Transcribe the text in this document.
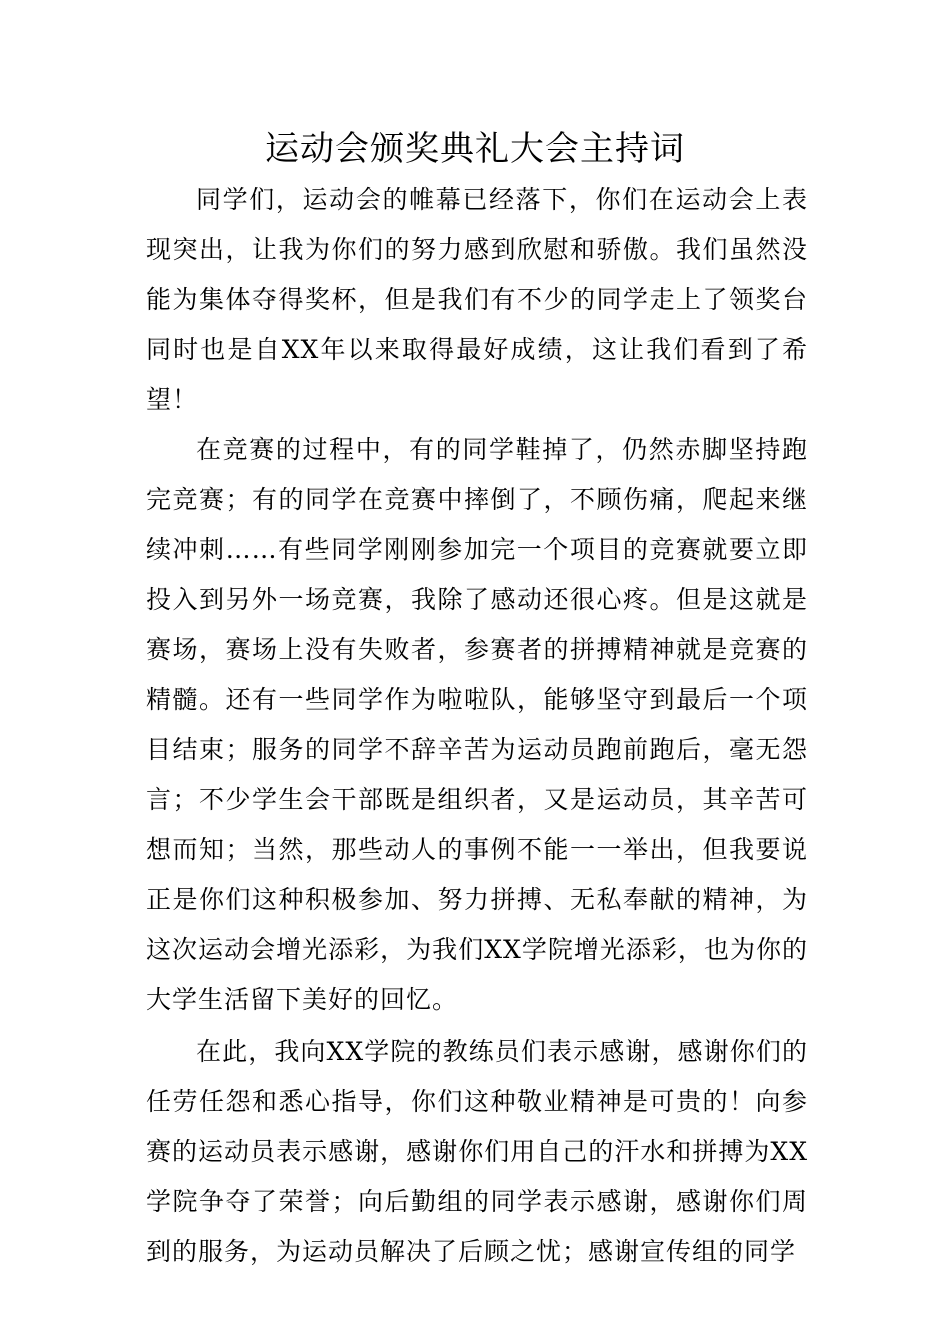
运动会颁奖典礼大会主持词

同学们，运动会的帷幕已经落下，你们在运动会上表现突出，让我为你们的努力感到欣慰和骄傲。我们虽然没能为集体夺得奖杯，但是我们有不少的同学走上了领奖台同时也是自XX年以来取得最好成绩，这让我们看到了希望！

在竞赛的过程中，有的同学鞋掉了，仍然赤脚坚持跑完竞赛；有的同学在竞赛中摔倒了，不顾伤痛，爬起来继续冲刺……有些同学刚刚参加完一个项目的竞赛就要立即投入到另外一场竞赛，我除了感动还很心疼。但是这就是赛场，赛场上没有失败者，参赛者的拼搏精神就是竞赛的精髓。还有一些同学作为啦啦队，能够坚守到最后一个项目结束；服务的同学不辞辛苦为运动员跑前跑后，毫无怨言；不少学生会干部既是组织者，又是运动员，其辛苦可想而知；当然，那些动人的事例不能一一举出，但我要说正是你们这种积极参加、努力拼搏、无私奉献的精神，为这次运动会增光添彩，为我们XX学院增光添彩，也为你的大学生活留下美好的回忆。

在此，我向XX学院的教练员们表示感谢，感谢你们的任劳任怨和悉心指导，你们这种敬业精神是可贵的！向参赛的运动员表示感谢，感谢你们用自己的汗水和拼搏为XX学院争夺了荣誉；向后勤组的同学表示感谢，感谢你们周到的服务，为运动员解决了后顾之忧；感谢宣传组的同学
